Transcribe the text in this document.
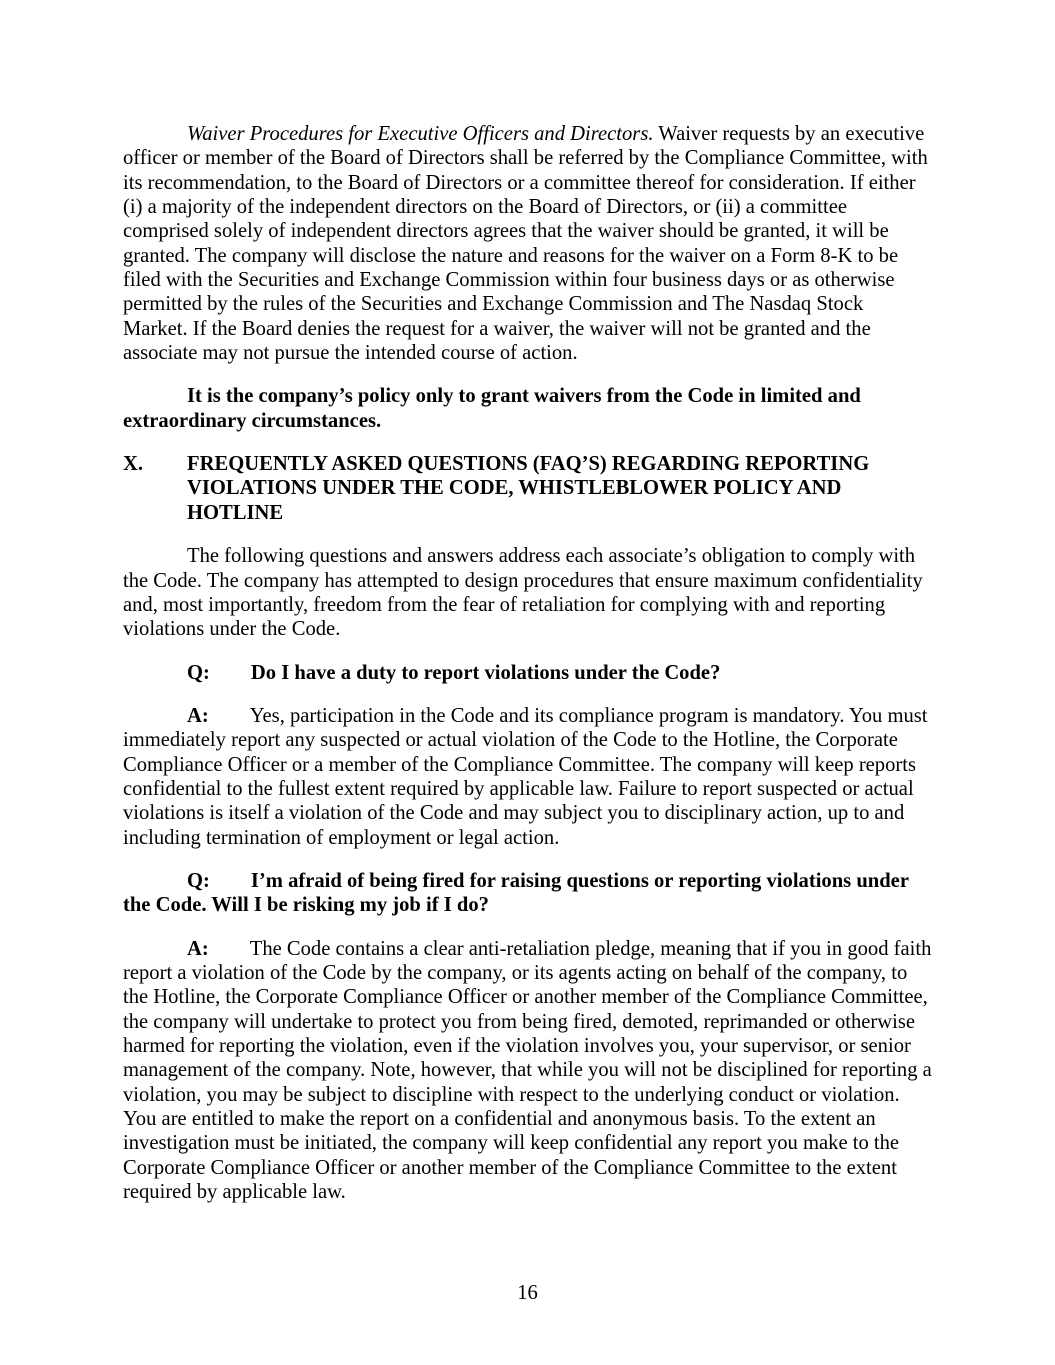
Waiver Procedures for Executive Officers and Directors. Waiver requests by an executive officer or member of the Board of Directors shall be referred by the Compliance Committee, with its recommendation, to the Board of Directors or a committee thereof for consideration. If either (i) a majority of the independent directors on the Board of Directors, or (ii) a committee comprised solely of independent directors agrees that the waiver should be granted, it will be granted. The company will disclose the nature and reasons for the waiver on a Form 8-K to be filed with the Securities and Exchange Commission within four business days or as otherwise permitted by the rules of the Securities and Exchange Commission and The Nasdaq Stock Market. If the Board denies the request for a waiver, the waiver will not be granted and the associate may not pursue the intended course of action.

It is the company’s policy only to grant waivers from the Code in limited and extraordinary circumstances.

X. FREQUENTLY ASKED QUESTIONS (FAQ’S) REGARDING REPORTING VIOLATIONS UNDER THE CODE, WHISTLEBLOWER POLICY AND HOTLINE

The following questions and answers address each associate’s obligation to comply with the Code. The company has attempted to design procedures that ensure maximum confidentiality and, most importantly, freedom from the fear of retaliation for complying with and reporting violations under the Code.

Q: Do I have a duty to report violations under the Code?

A: Yes, participation in the Code and its compliance program is mandatory. You must immediately report any suspected or actual violation of the Code to the Hotline, the Corporate Compliance Officer or a member of the Compliance Committee. The company will keep reports confidential to the fullest extent required by applicable law. Failure to report suspected or actual violations is itself a violation of the Code and may subject you to disciplinary action, up to and including termination of employment or legal action.

Q: I’m afraid of being fired for raising questions or reporting violations under the Code. Will I be risking my job if I do?

A: The Code contains a clear anti-retaliation pledge, meaning that if you in good faith report a violation of the Code by the company, or its agents acting on behalf of the company, to the Hotline, the Corporate Compliance Officer or another member of the Compliance Committee, the company will undertake to protect you from being fired, demoted, reprimanded or otherwise harmed for reporting the violation, even if the violation involves you, your supervisor, or senior management of the company. Note, however, that while you will not be disciplined for reporting a violation, you may be subject to discipline with respect to the underlying conduct or violation. You are entitled to make the report on a confidential and anonymous basis. To the extent an investigation must be initiated, the company will keep confidential any report you make to the Corporate Compliance Officer or another member of the Compliance Committee to the extent required by applicable law.

16
